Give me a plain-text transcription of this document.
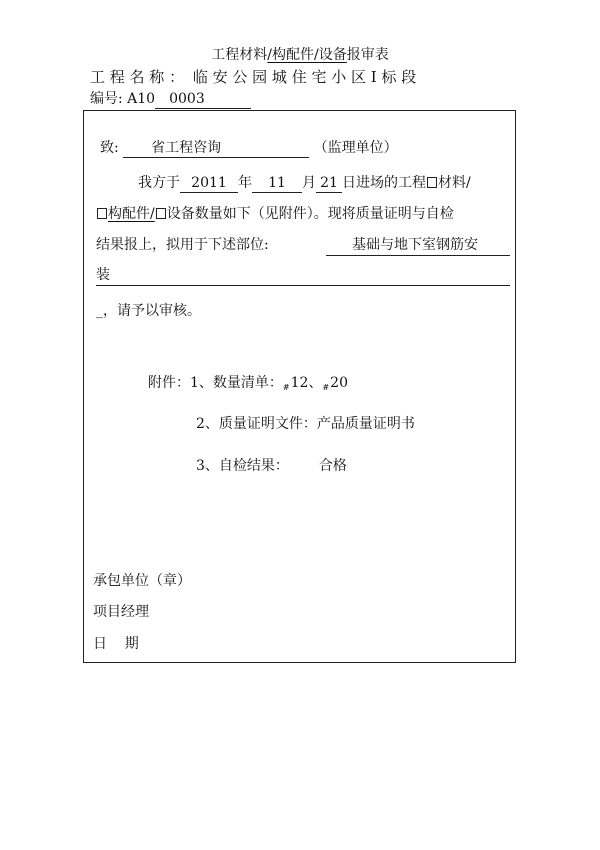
工程材料/构配件/设备报审表
工 程 名 称 ： 临 安 公 园 城 住 宅 小 区 I 标 段
编号: A10 0003
致: 省工程咨询	（监理单位）
我方于 2011 年 11 月 21 日进场的工程 材料/
构配件/ 设备数量如下（见附件）。现将质量证明与自检
结果报上，拟用于下述部位:	基础与地下室钢筋安
装
_，请予以审核。
附件：1、数量清单：$_{\#}$12、$_{\#}$20
2、质量证明文件：产品质量证明书
3、自检结果： 合格
承包单位（章）
项目经理
日    期
